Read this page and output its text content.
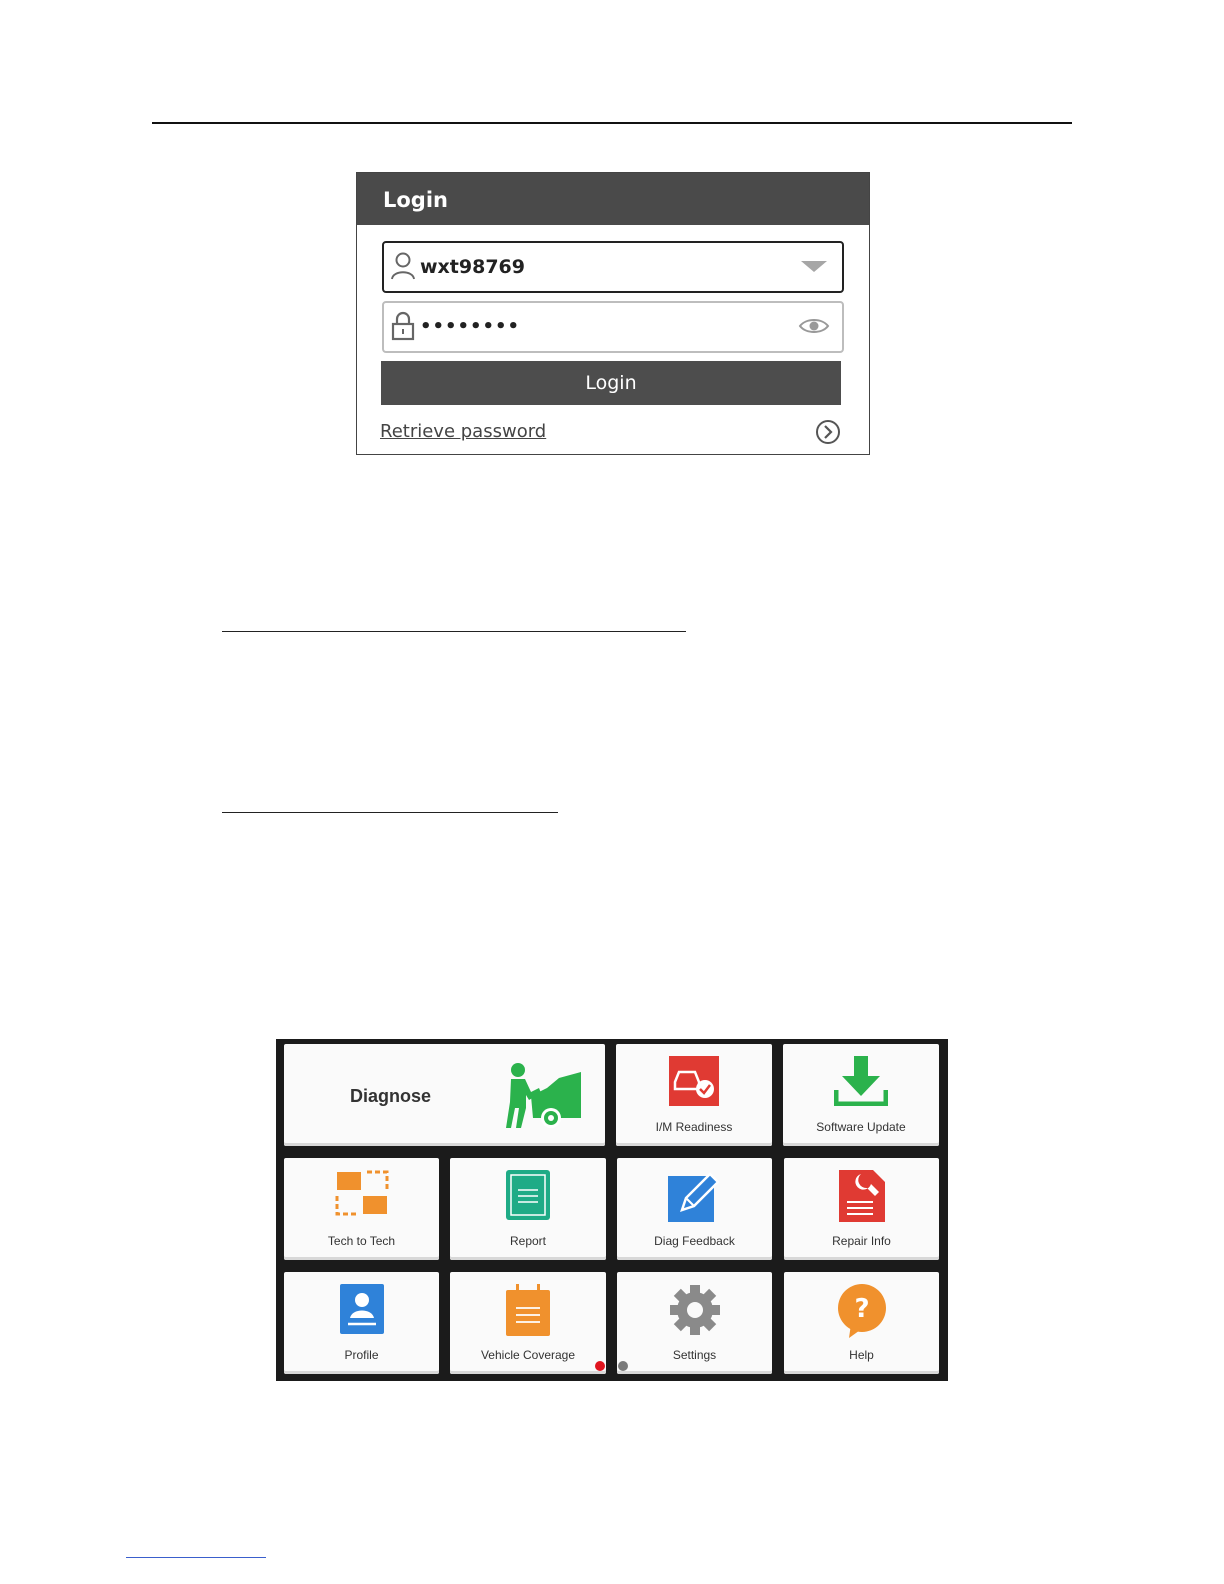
Login
wxt98769
••••••••
Login
Retrieve password
Diagnose
I/M Readiness	Software Update
Tech to Tech	Report	Diag Feedback	Repair Info
Profile	Vehicle Coverage	Settings
?
Help
